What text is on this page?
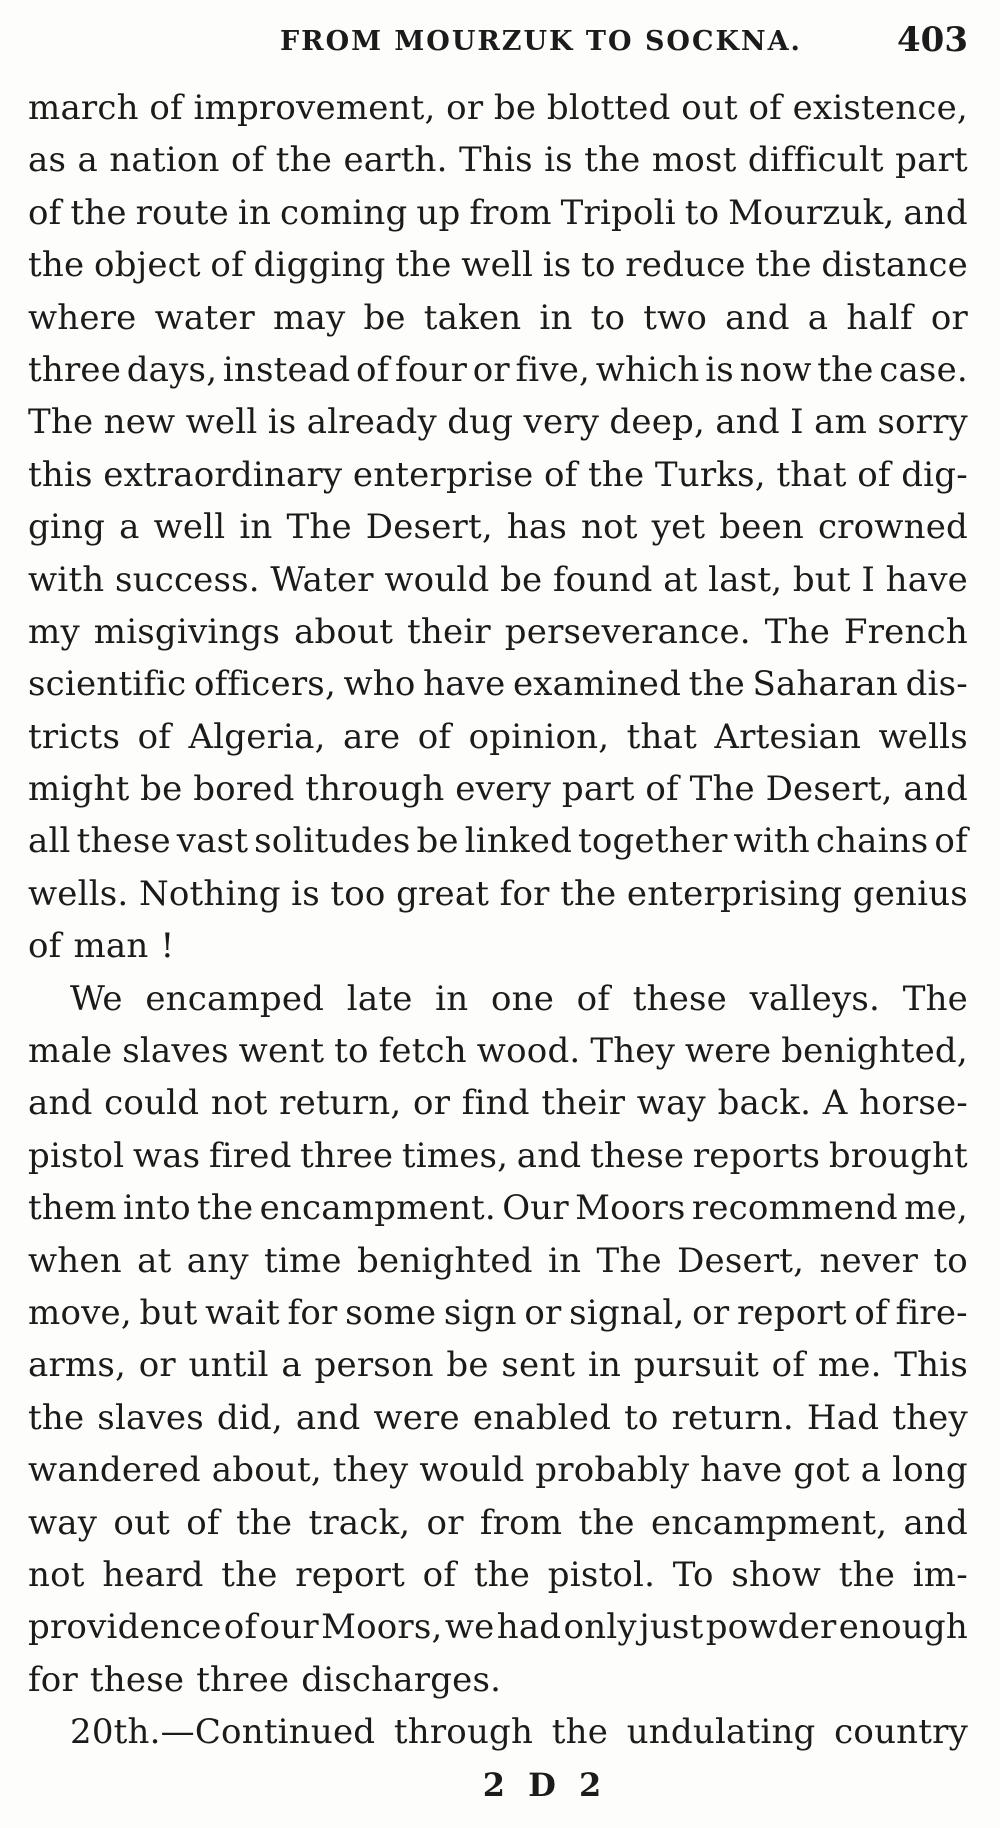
FROM MOURZUK TO SOCKNA.	403
march of improvement, or be blotted out of existence,
as a nation of the earth. This is the most difficult part
of the route in coming up from Tripoli to Mourzuk, and
the object of digging the well is to reduce the distance
where water may be taken in to two and a half or
three days, instead of four or five, which is now the case.
The new well is already dug very deep, and I am sorry
this extraordinary enterprise of the Turks, that of dig-
ging a well in The Desert, has not yet been crowned
with success. Water would be found at last, but I have
my misgivings about their perseverance. The French
scientific officers, who have examined the Saharan dis-
tricts of Algeria, are of opinion, that Artesian wells
might be bored through every part of The Desert, and
all these vast solitudes be linked together with chains of
wells. Nothing is too great for the enterprising genius
of man !
We encamped late in one of these valleys. The
male slaves went to fetch wood. They were benighted,
and could not return, or find their way back. A horse-
pistol was fired three times, and these reports brought
them into the encampment. Our Moors recommend me,
when at any time benighted in The Desert, never to
move, but wait for some sign or signal, or report of fire-
arms, or until a person be sent in pursuit of me. This
the slaves did, and were enabled to return. Had they
wandered about, they would probably have got a long
way out of the track, or from the encampment, and
not heard the report of the pistol. To show the im-
providence of our Moors, we had only just powder enough
for these three discharges.
20th.—Continued through the undulating country
2 D 2
